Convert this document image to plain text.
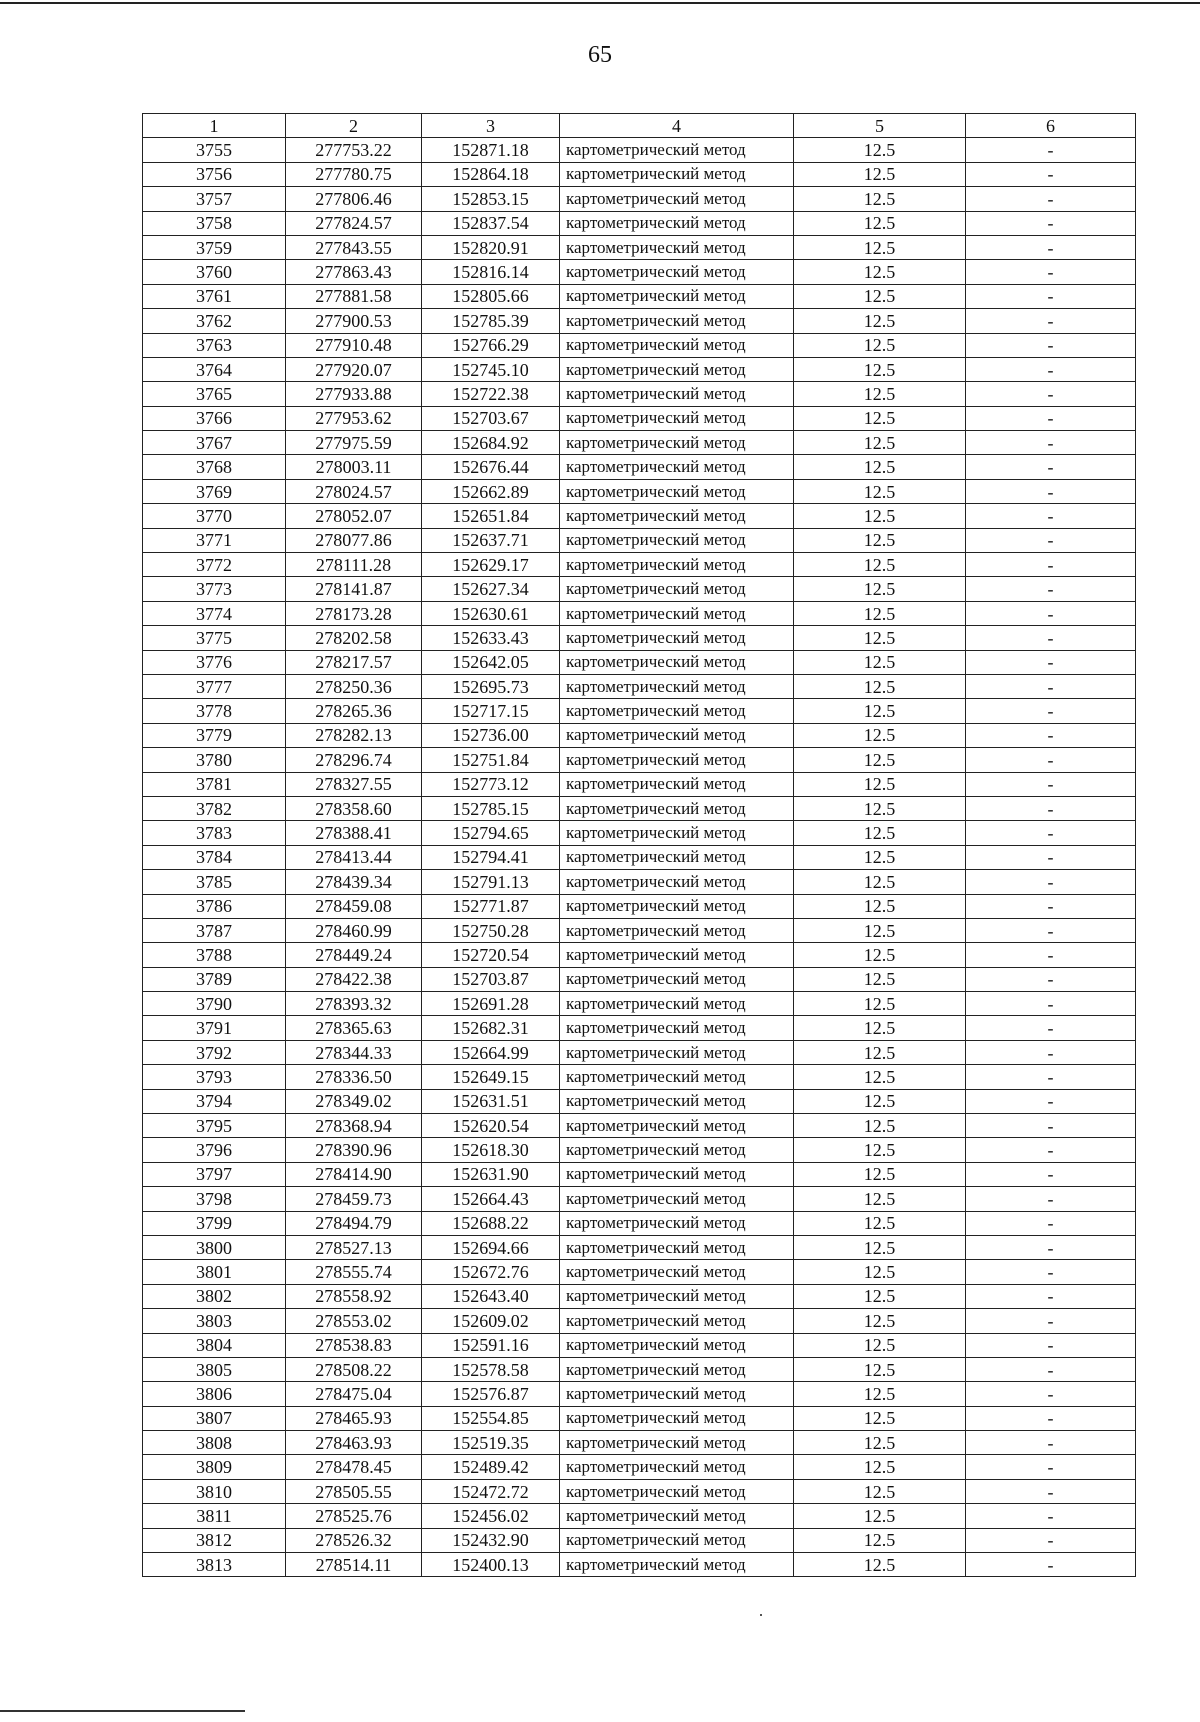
65
1	2	3	4	5	6
3755	277753.22	152871.18	картометрический метод	12.5	-
3756	277780.75	152864.18	картометрический метод	12.5	-
3757	277806.46	152853.15	картометрический метод	12.5	-
3758	277824.57	152837.54	картометрический метод	12.5	-
3759	277843.55	152820.91	картометрический метод	12.5	-
3760	277863.43	152816.14	картометрический метод	12.5	-
3761	277881.58	152805.66	картометрический метод	12.5	-
3762	277900.53	152785.39	картометрический метод	12.5	-
3763	277910.48	152766.29	картометрический метод	12.5	-
3764	277920.07	152745.10	картометрический метод	12.5	-
3765	277933.88	152722.38	картометрический метод	12.5	-
3766	277953.62	152703.67	картометрический метод	12.5	-
3767	277975.59	152684.92	картометрический метод	12.5	-
3768	278003.11	152676.44	картометрический метод	12.5	-
3769	278024.57	152662.89	картометрический метод	12.5	-
3770	278052.07	152651.84	картометрический метод	12.5	-
3771	278077.86	152637.71	картометрический метод	12.5	-
3772	278111.28	152629.17	картометрический метод	12.5	-
3773	278141.87	152627.34	картометрический метод	12.5	-
3774	278173.28	152630.61	картометрический метод	12.5	-
3775	278202.58	152633.43	картометрический метод	12.5	-
3776	278217.57	152642.05	картометрический метод	12.5	-
3777	278250.36	152695.73	картометрический метод	12.5	-
3778	278265.36	152717.15	картометрический метод	12.5	-
3779	278282.13	152736.00	картометрический метод	12.5	-
3780	278296.74	152751.84	картометрический метод	12.5	-
3781	278327.55	152773.12	картометрический метод	12.5	-
3782	278358.60	152785.15	картометрический метод	12.5	-
3783	278388.41	152794.65	картометрический метод	12.5	-
3784	278413.44	152794.41	картометрический метод	12.5	-
3785	278439.34	152791.13	картометрический метод	12.5	-
3786	278459.08	152771.87	картометрический метод	12.5	-
3787	278460.99	152750.28	картометрический метод	12.5	-
3788	278449.24	152720.54	картометрический метод	12.5	-
3789	278422.38	152703.87	картометрический метод	12.5	-
3790	278393.32	152691.28	картометрический метод	12.5	-
3791	278365.63	152682.31	картометрический метод	12.5	-
3792	278344.33	152664.99	картометрический метод	12.5	-
3793	278336.50	152649.15	картометрический метод	12.5	-
3794	278349.02	152631.51	картометрический метод	12.5	-
3795	278368.94	152620.54	картометрический метод	12.5	-
3796	278390.96	152618.30	картометрический метод	12.5	-
3797	278414.90	152631.90	картометрический метод	12.5	-
3798	278459.73	152664.43	картометрический метод	12.5	-
3799	278494.79	152688.22	картометрический метод	12.5	-
3800	278527.13	152694.66	картометрический метод	12.5	-
3801	278555.74	152672.76	картометрический метод	12.5	-
3802	278558.92	152643.40	картометрический метод	12.5	-
3803	278553.02	152609.02	картометрический метод	12.5	-
3804	278538.83	152591.16	картометрический метод	12.5	-
3805	278508.22	152578.58	картометрический метод	12.5	-
3806	278475.04	152576.87	картометрический метод	12.5	-
3807	278465.93	152554.85	картометрический метод	12.5	-
3808	278463.93	152519.35	картометрический метод	12.5	-
3809	278478.45	152489.42	картометрический метод	12.5	-
3810	278505.55	152472.72	картометрический метод	12.5	-
3811	278525.76	152456.02	картометрический метод	12.5	-
3812	278526.32	152432.90	картометрический метод	12.5	-
3813	278514.11	152400.13	картометрический метод	12.5	-
